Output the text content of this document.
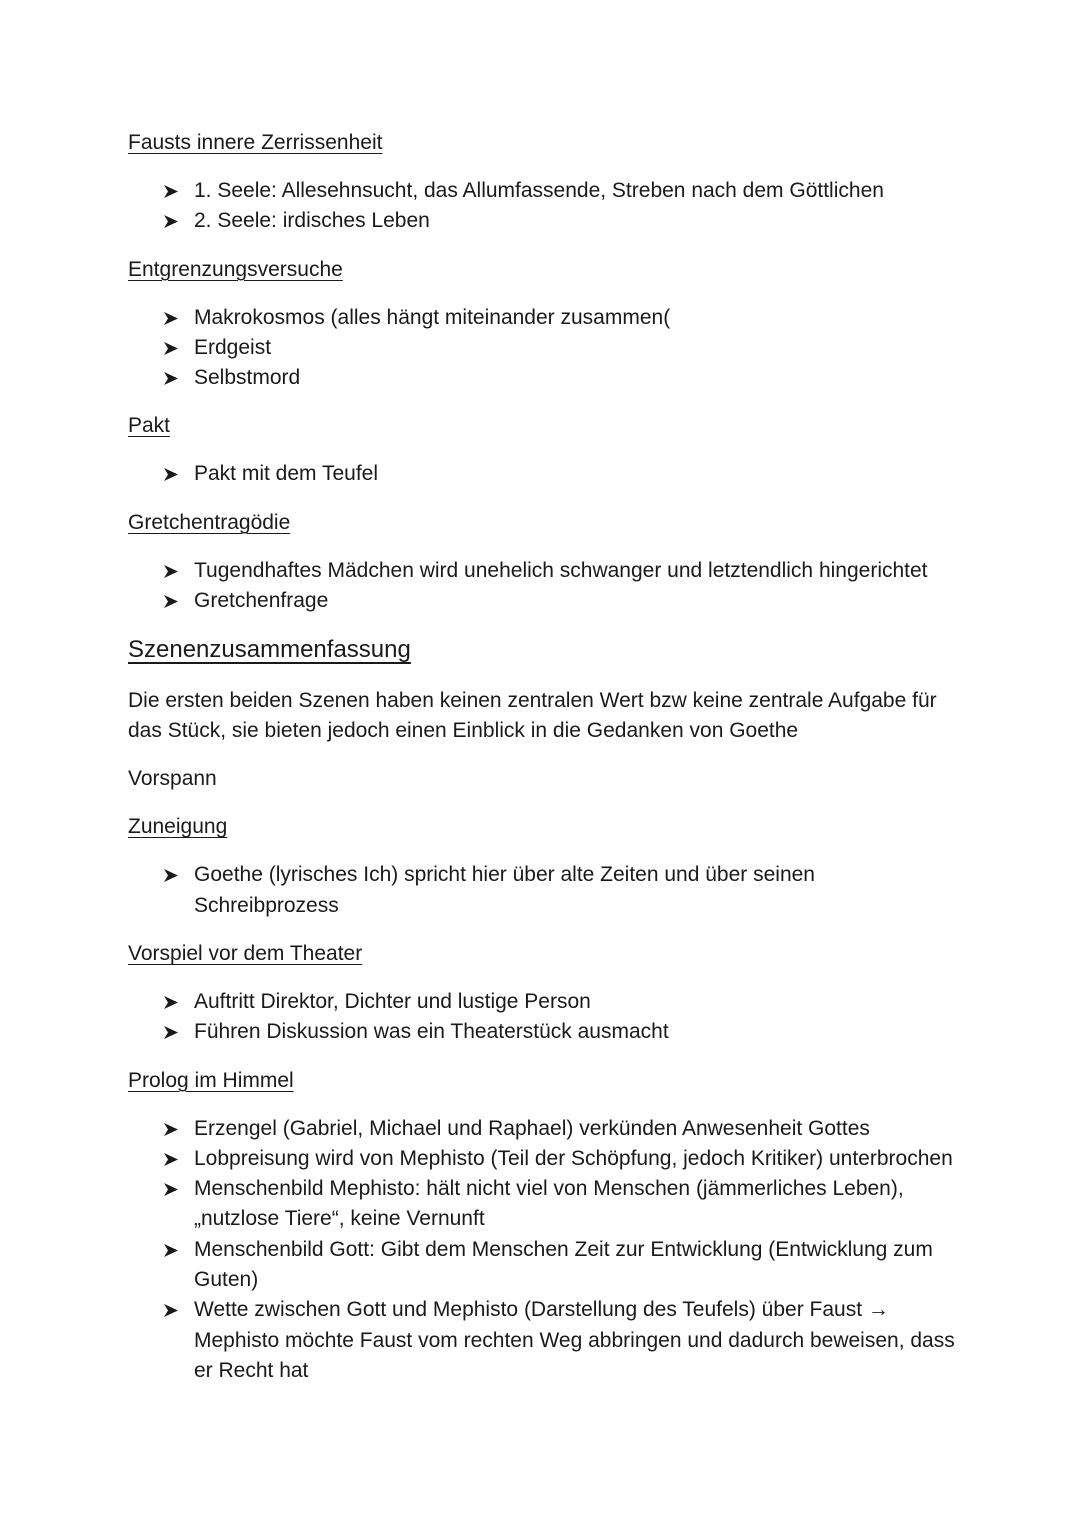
Fausts innere Zerrissenheit

1. Seele: Allesehnsucht, das Allumfassende, Streben nach dem Göttlichen
2. Seele: irdisches Leben

Entgrenzungsversuche

Makrokosmos (alles hängt miteinander zusammen(
Erdgeist
Selbstmord

Pakt

Pakt mit dem Teufel

Gretchentragödie

Tugendhaftes Mädchen wird unehelich schwanger und letztendlich hingerichtet
Gretchenfrage

Szenenzusammenfassung

Die ersten beiden Szenen haben keinen zentralen Wert bzw keine zentrale Aufgabe für das Stück, sie bieten jedoch einen Einblick in die Gedanken von Goethe

Vorspann

Zuneigung

Goethe (lyrisches Ich) spricht hier über alte Zeiten und über seinen Schreibprozess

Vorspiel vor dem Theater

Auftritt Direktor, Dichter und lustige Person
Führen Diskussion was ein Theaterstück ausmacht

Prolog im Himmel

Erzengel (Gabriel, Michael und Raphael) verkünden Anwesenheit Gottes
Lobpreisung wird von Mephisto (Teil der Schöpfung, jedoch Kritiker) unterbrochen
Menschenbild Mephisto: hält nicht viel von Menschen (jämmerliches Leben), „nutzlose Tiere“, keine Vernunft
Menschenbild Gott: Gibt dem Menschen Zeit zur Entwicklung (Entwicklung zum Guten)
Wette zwischen Gott und Mephisto (Darstellung des Teufels) über Faust → Mephisto möchte Faust vom rechten Weg abbringen und dadurch beweisen, dass er Recht hat
